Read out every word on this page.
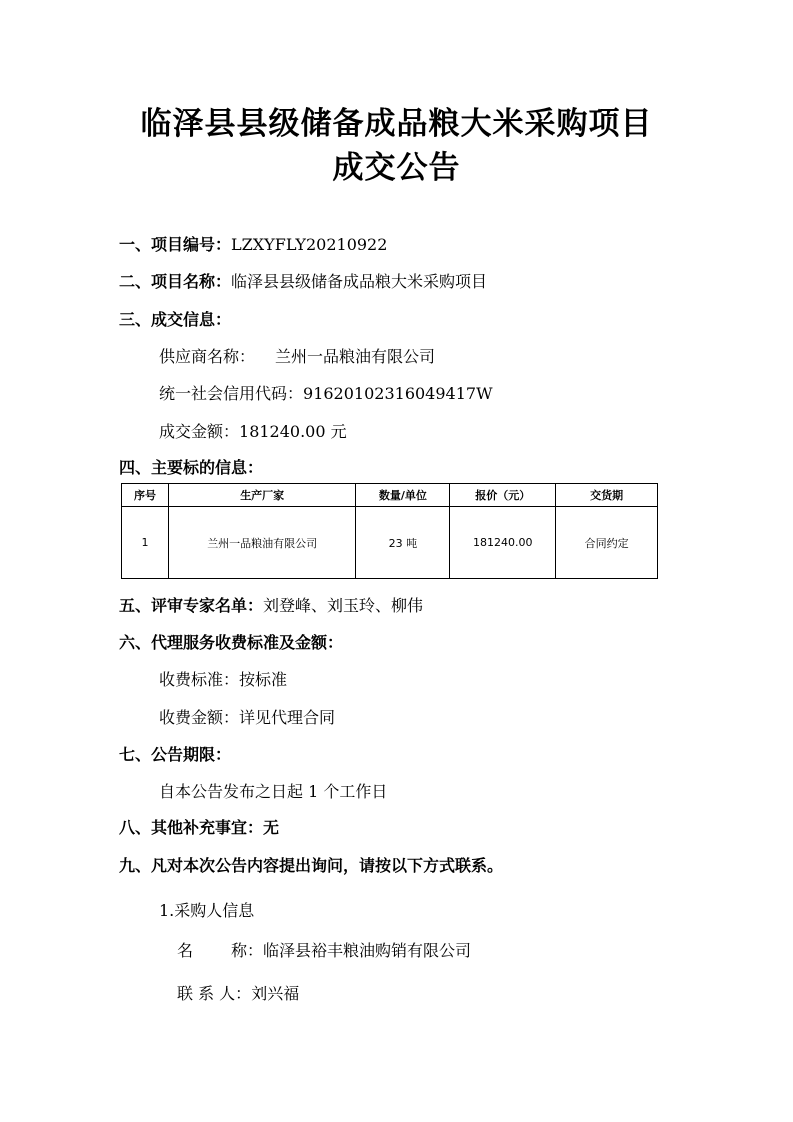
临泽县县级储备成品粮大米采购项目
成交公告
一、项目编号：LZXYFLY20210922
二、项目名称：临泽县县级储备成品粮大米采购项目
三、成交信息：
供应商名称： 兰州一品粮油有限公司
统一社会信用代码：91620102316049417W
成交金额：181240.00 元
四、主要标的信息：
序号	生产厂家	数量/单位	报价（元）	交货期
1	兰州一品粮油有限公司	23 吨	181240.00	合同约定
五、评审专家名单：刘登峰、刘玉玲、柳伟
六、代理服务收费标准及金额：
收费标准：按标准
收费金额：详见代理合同
七、公告期限：
自本公告发布之日起 1 个工作日
八、其他补充事宜：无
九、凡对本次公告内容提出询问，请按以下方式联系。
1.采购人信息
名 称：临泽县裕丰粮油购销有限公司
联 系 人：刘兴福
